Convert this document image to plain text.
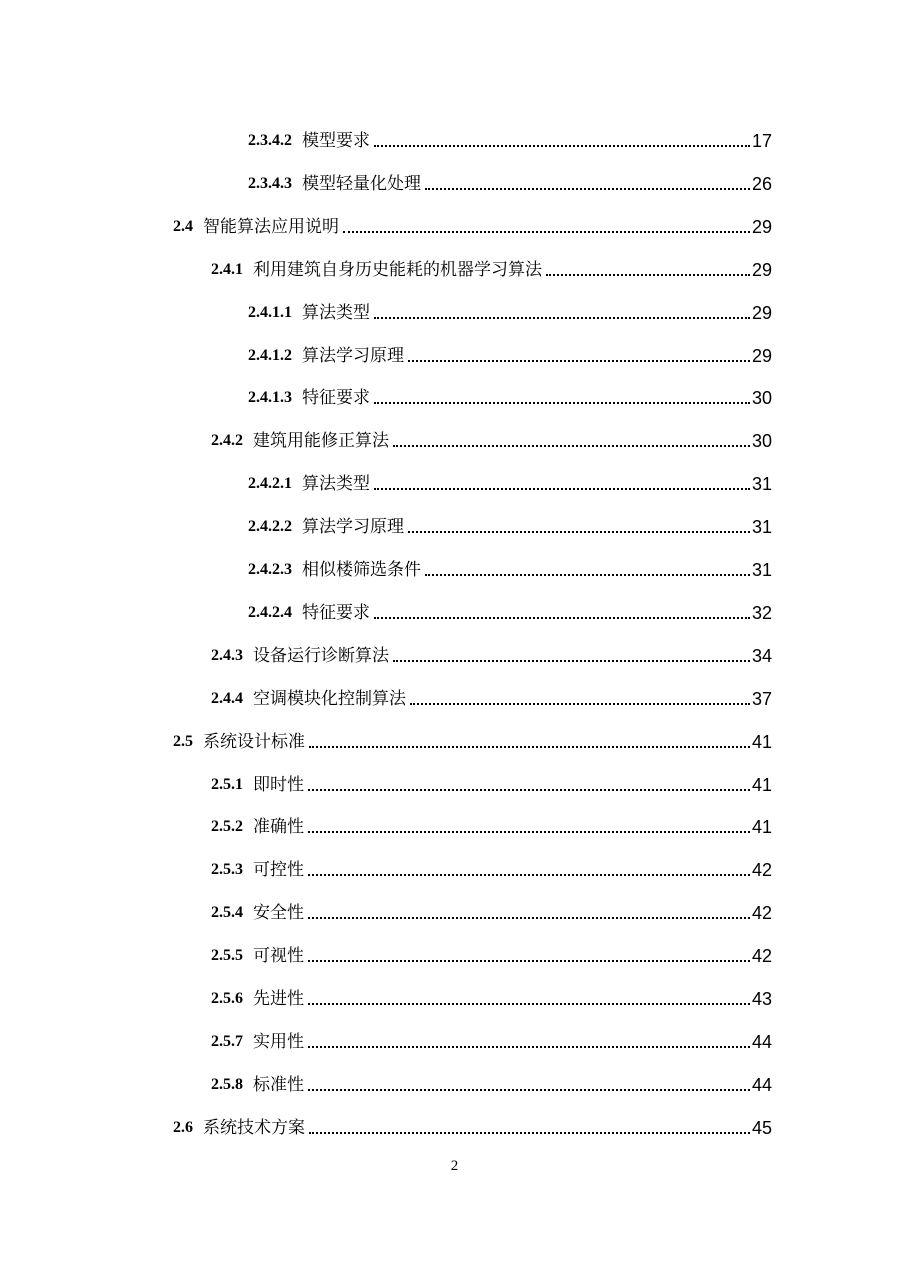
2.3.4.2 模型要求	17
2.3.4.3 模型轻量化处理	26
2.4 智能算法应用说明	29
2.4.1 利用建筑自身历史能耗的机器学习算法	29
2.4.1.1 算法类型	29
2.4.1.2 算法学习原理	29
2.4.1.3 特征要求	30
2.4.2 建筑用能修正算法	30
2.4.2.1 算法类型	31
2.4.2.2 算法学习原理	31
2.4.2.3 相似楼筛选条件	31
2.4.2.4 特征要求	32
2.4.3 设备运行诊断算法	34
2.4.4 空调模块化控制算法	37
2.5 系统设计标准	41
2.5.1 即时性	41
2.5.2 准确性	41
2.5.3 可控性	42
2.5.4 安全性	42
2.5.5 可视性	42
2.5.6 先进性	43
2.5.7 实用性	44
2.5.8 标准性	44
2.6 系统技术方案	45
2
